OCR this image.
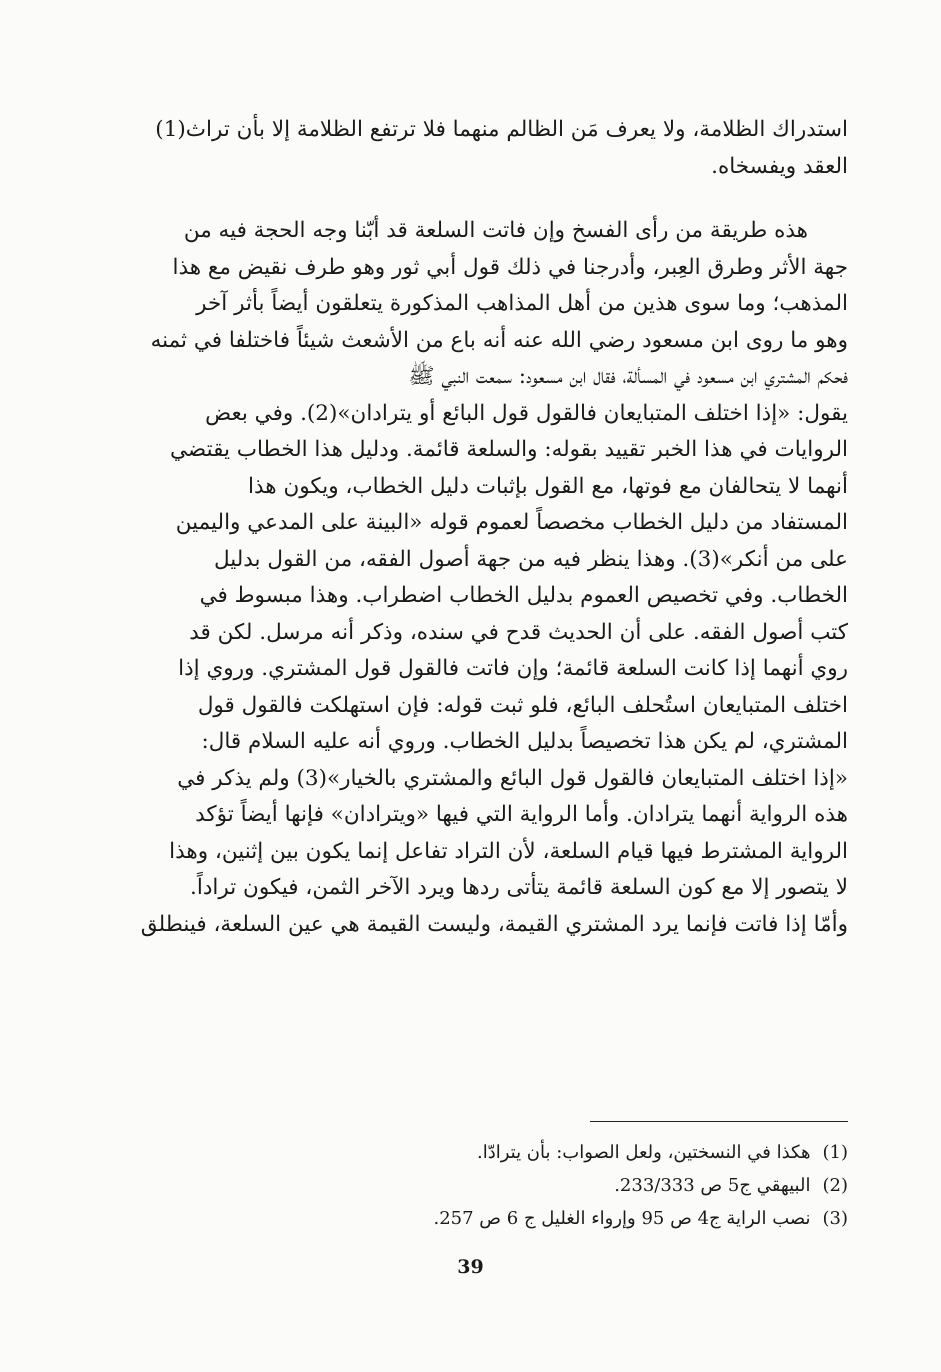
استدراك الظلامة، ولا يعرف مَن الظالم منهما فلا ترتفع الظلامة إلا بأن تراث(1)
العقد ويفسخاه.
هذه طريقة من رأى الفسخ وإن فاتت السلعة قد أبّنا وجه الحجة فيه من
جهة الأثر وطرق العِبر، وأدرجنا في ذلك قول أبي ثور وهو طرف نقيض مع هذا
المذهب؛ وما سوى هذين من أهل المذاهب المذكورة يتعلقون أيضاً بأثر آخر
وهو ما روى ابن مسعود رضي الله عنه أنه باع من الأشعث شيئاً فاختلفا في ثمنه
فحكم المشتري ابن مسعود في المسألة، فقال ابن مسعود: سمعت النبي ﷺ
يقول: «إذا اختلف المتبايعان فالقول قول البائع أو يترادان»(2). وفي بعض
الروايات في هذا الخبر تقييد بقوله: والسلعة قائمة. ودليل هذا الخطاب يقتضي
أنهما لا يتحالفان مع فوتها، مع القول بإثبات دليل الخطاب، ويكون هذا
المستفاد من دليل الخطاب مخصصاً لعموم قوله «البينة على المدعي واليمين
على من أنكر»(3). وهذا ينظر فيه من جهة أصول الفقه، من القول بدليل
الخطاب. وفي تخصيص العموم بدليل الخطاب اضطراب. وهذا مبسوط في
كتب أصول الفقه. على أن الحديث قدح في سنده، وذكر أنه مرسل. لكن قد
روي أنهما إذا كانت السلعة قائمة؛ وإن فاتت فالقول قول المشتري. وروي إذا
اختلف المتبايعان استُحلف البائع، فلو ثبت قوله: فإن استهلكت فالقول قول
المشتري، لم يكن هذا تخصيصاً بدليل الخطاب. وروي أنه عليه السلام قال:
«إذا اختلف المتبايعان فالقول قول البائع والمشتري بالخيار»(3) ولم يذكر في
هذه الرواية أنهما يترادان. وأما الرواية التي فيها «ويترادان» فإنها أيضاً تؤكد
الرواية المشترط فيها قيام السلعة، لأن التراد تفاعل إنما يكون بين إثنين، وهذا
لا يتصور إلا مع كون السلعة قائمة يتأتى ردها ويرد الآخر الثمن، فيكون تراداً.
وأمّا إذا فاتت فإنما يرد المشتري القيمة، وليست القيمة هي عين السلعة، فينطلق
(1)هكذا في النسختين، ولعل الصواب: بأن يترادّا.
(2)البيهقي ج5 ص 233/333.
(3)نصب الراية ج4 ص 95 وإرواء الغليل ج 6 ص 257.
39
